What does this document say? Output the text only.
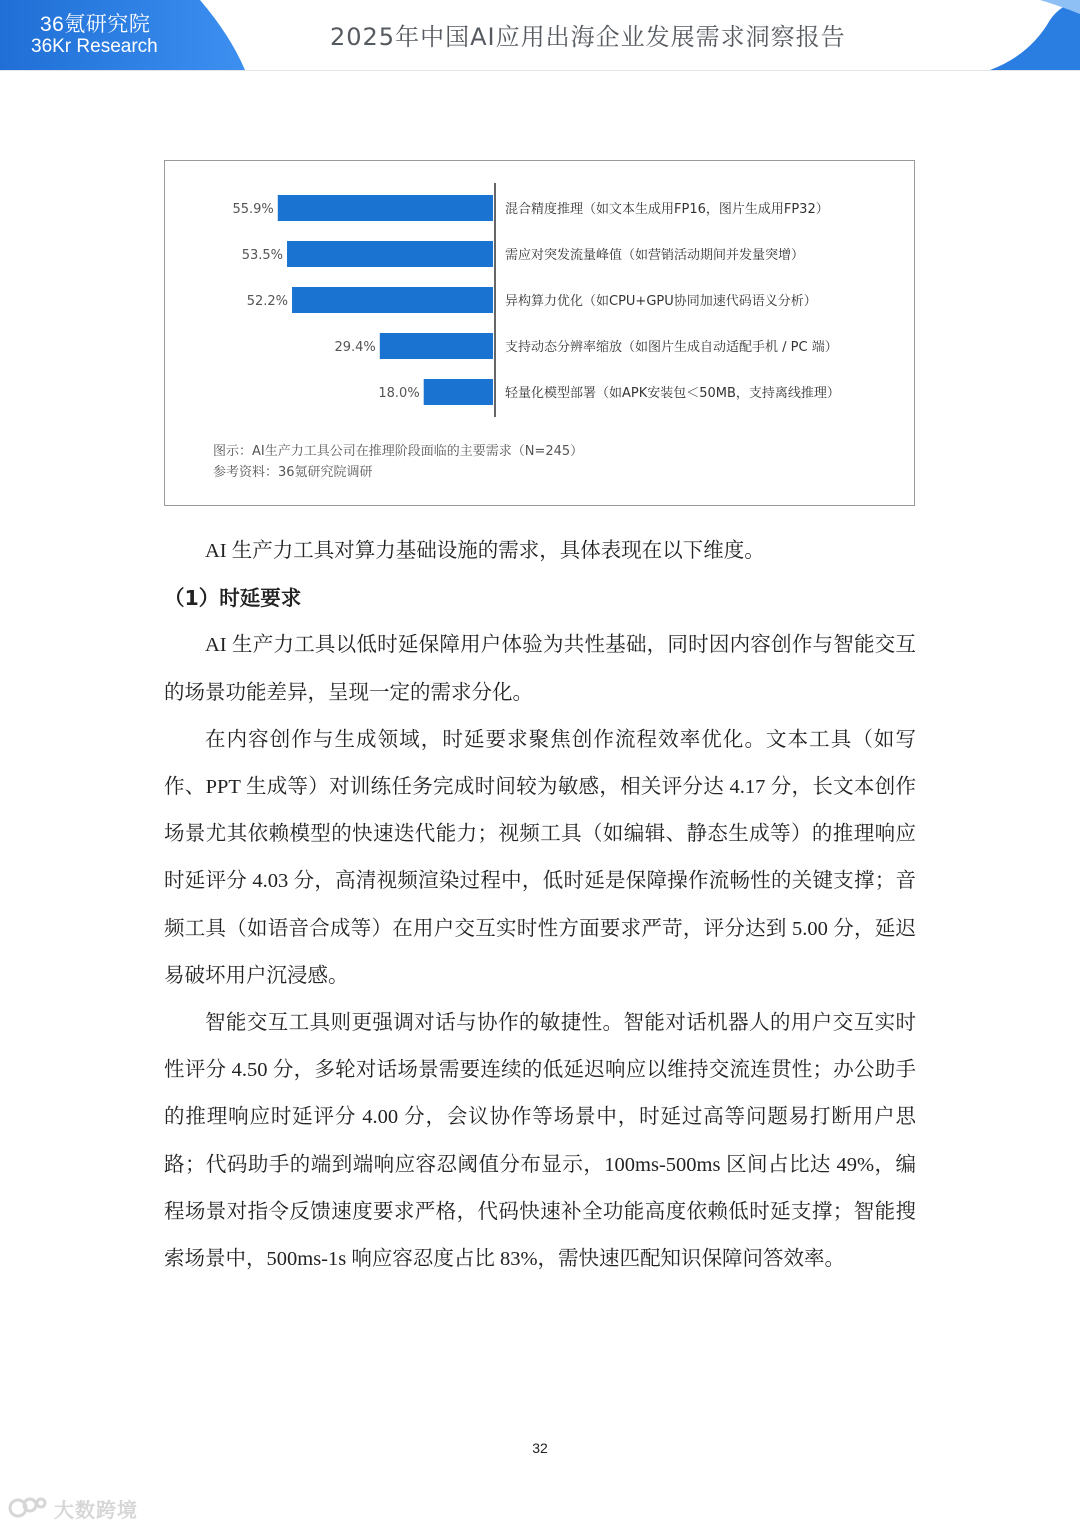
36氪研究院
36Kr Research	2025年中国AI应用出海企业发展需求洞察报告
55.9%	混合精度推理（如文本生成用FP16，图片生成用FP32）
53.5%	需应对突发流量峰值（如营销活动期间并发量突增）
52.2%	异构算力优化（如CPU+GPU协同加速代码语义分析）
29.4%	支持动态分辨率缩放（如图片生成自动适配手机 / PC 端）
18.0%	轻量化模型部署（如APK安装包＜50MB，支持离线推理）
图示：AI生产力工具公司在推理阶段面临的主要需求（N=245）
参考资料：36氪研究院调研

AI 生产力工具对算力基础设施的需求，具体表现在以下维度。

（1）时延要求

AI 生产力工具以低时延保障用户体验为共性基础，同时因内容创作与智能交互的场景功能差异，呈现一定的需求分化。

在内容创作与生成领域，时延要求聚焦创作流程效率优化。文本工具（如写作、PPT 生成等）对训练任务完成时间较为敏感，相关评分达 4.17 分，长文本创作场景尤其依赖模型的快速迭代能力；视频工具（如编辑、静态生成等）的推理响应时延评分 4.03 分，高清视频渲染过程中，低时延是保障操作流畅性的关键支撑；音频工具（如语音合成等）在用户交互实时性方面要求严苛，评分达到 5.00 分，延迟易破坏用户沉浸感。

智能交互工具则更强调对话与协作的敏捷性。智能对话机器人的用户交互实时性评分 4.50 分，多轮对话场景需要连续的低延迟响应以维持交流连贯性；办公助手的推理响应时延评分 4.00 分，会议协作等场景中，时延过高等问题易打断用户思路；代码助手的端到端响应容忍阈值分布显示，100ms-500ms 区间占比达 49%，编程场景对指令反馈速度要求严格，代码快速补全功能高度依赖低时延支撑；智能搜索场景中，500ms-1s 响应容忍度占比 83%，需快速匹配知识保障问答效率。

32
大数跨境
